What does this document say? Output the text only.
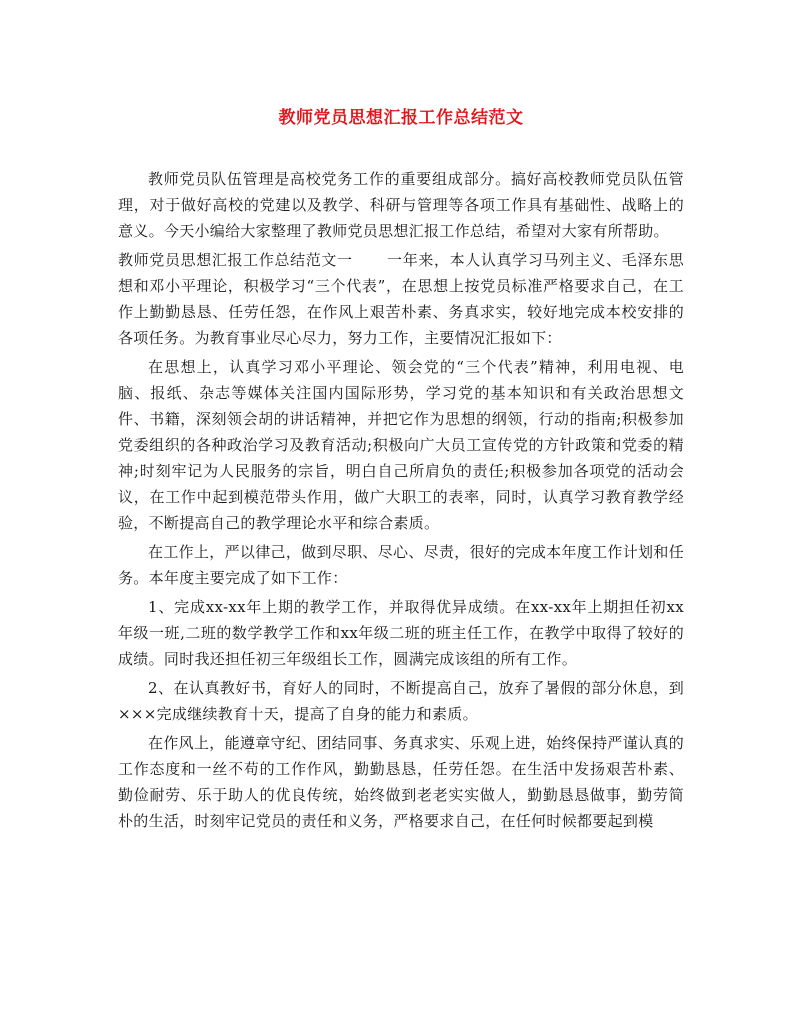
教师党员思想汇报工作总结范文

教师党员队伍管理是高校党务工作的重要组成部分。搞好高校教师党员队伍管理，对于做好高校的党建以及教学、科研与管理等各项工作具有基础性、战略上的意义。今天小编给大家整理了教师党员思想汇报工作总结，希望对大家有所帮助。

教师党员思想汇报工作总结范文一 一年来，本人认真学习马列主义、毛泽东思想和邓小平理论，积极学习“三个代表”，在思想上按党员标准严格要求自己，在工作上勤勤恳恳、任劳任怨，在作风上艰苦朴素、务真求实，较好地完成本校安排的各项任务。为教育事业尽心尽力，努力工作，主要情况汇报如下：

在思想上，认真学习邓小平理论、领会党的“三个代表”精神，利用电视、电脑、报纸、杂志等媒体关注国内国际形势，学习党的基本知识和有关政治思想文件、书籍，深刻领会胡的讲话精神，并把它作为思想的纲领，行动的指南;积极参加党委组织的各种政治学习及教育活动;积极向广大员工宣传党的方针政策和党委的精神;时刻牢记为人民服务的宗旨，明白自己所肩负的责任;积极参加各项党的活动会议，在工作中起到模范带头作用，做广大职工的表率，同时，认真学习教育教学经验，不断提高自己的教学理论水平和综合素质。

在工作上，严以律己，做到尽职、尽心、尽责，很好的完成本年度工作计划和任务。本年度主要完成了如下工作：

1、完成xx-xx年上期的教学工作，并取得优异成绩。在xx-xx年上期担任初xx年级一班,二班的数学教学工作和xx年级二班的班主任工作，在教学中取得了较好的成绩。同时我还担任初三年级组长工作，圆满完成该组的所有工作。

2、在认真教好书，育好人的同时，不断提高自己，放弃了暑假的部分休息，到×××完成继续教育十天，提高了自身的能力和素质。

在作风上，能遵章守纪、团结同事、务真求实、乐观上进，始终保持严谨认真的工作态度和一丝不苟的工作作风，勤勤恳恳，任劳任怨。在生活中发扬艰苦朴素、勤俭耐劳、乐于助人的优良传统，始终做到老老实实做人，勤勤恳恳做事，勤劳简朴的生活，时刻牢记党员的责任和义务，严格要求自己，在任何时候都要起到模
